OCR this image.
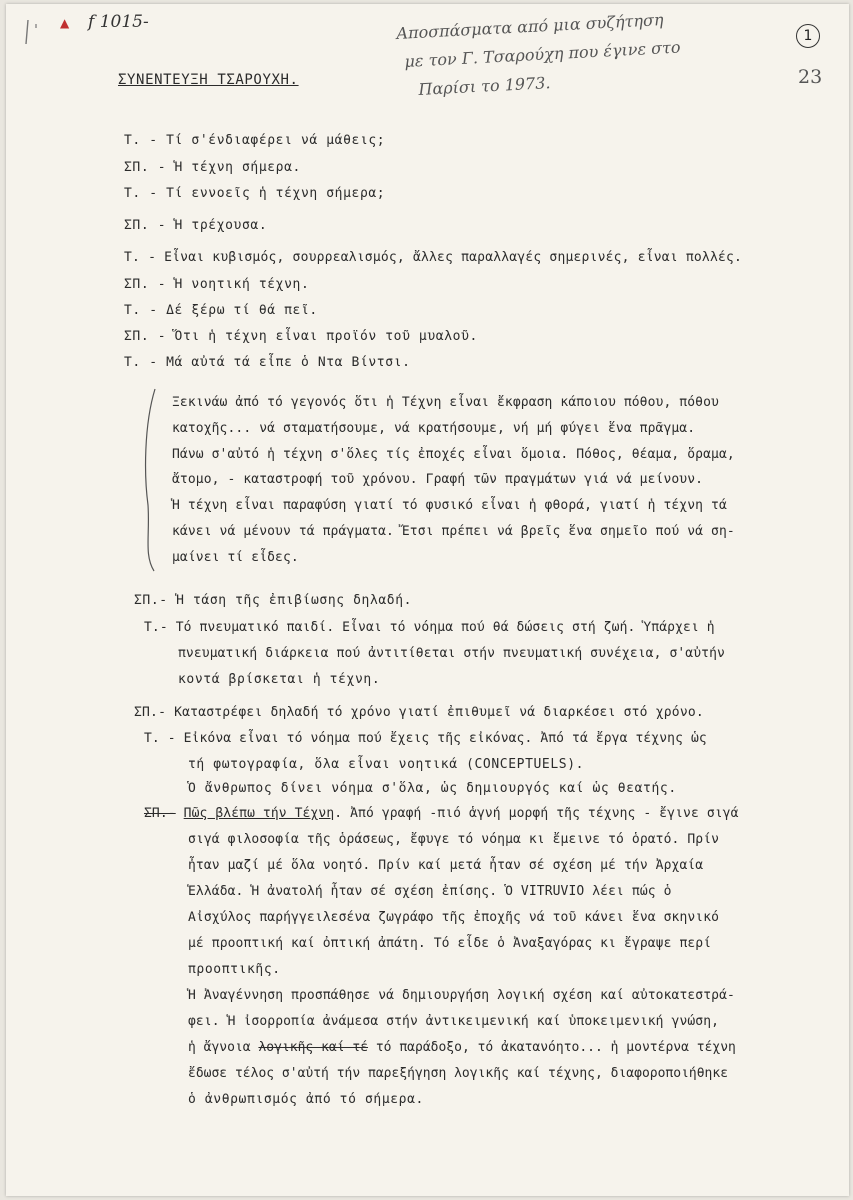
▲ f 1015-
1
23
Αποσπάσματα από μια συζήτηση
με τον Γ. Τσαρούχη που έγινε στο
Παρίσι το 1973.
ΣΥΝΕΝΤΕΥΞΗ ΤΣΑΡΟΥΧΗ.
Τ. - Τί σ'ένδιαφέρει νά μάθεις;
ΣΠ. - Ἡ τέχνη σήμερα.
Τ. - Τί εννοεῖς ἡ τέχνη σήμερα;
ΣΠ. - Ἡ τρέχουσα.
Τ. - Εἶναι κυβισμός, σουρρεαλισμός, ἄλλες παραλλαγές σημερινές, εἶναι πολλές.
ΣΠ. - Ἡ νοητική τέχνη.
Τ. - Δέ ξέρω τί θά πεῖ.
ΣΠ. - Ὅτι ἡ τέχνη εἶναι προϊόν τοῦ μυαλοῦ.
Τ. - Μά αὐτά τά εἶπε ὁ Ντα Βίντσι.
Ξεκινάω ἀπό τό γεγονός ὅτι ἡ Τέχνη εἶναι ἔκφραση κάποιου πόθου, πόθου
κατοχῆς... νά σταματήσουμε, νά κρατήσουμε, νή μή φύγει ἕνα πρᾶγμα.
Πάνω σ'αὐτό ἡ τέχνη σ'ὅλες τίς ἐποχές εἶναι ὅμοια. Πόθος, θέαμα, ὅραμα,
ἄτομο, - καταστροφή τοῦ χρόνου. Γραφή τῶν πραγμάτων γιά νά μείνουν.
Ἡ τέχνη εἶναι παραφύση γιατί τό φυσικό εἶναι ἡ φθορά, γιατί ἡ τέχνη τά
κάνει νά μένουν τά πράγματα. Ἔτσι πρέπει νά βρεῖς ἕνα σημεῖο πού νά ση-
μαίνει τί εἶδες.
ΣΠ.- Ἡ τάση τῆς ἐπιβίωσης δηλαδή.
Τ.- Τό πνευματικό παιδί. Εἶναι τό νόημα πού θά δώσεις στή ζωή. Ὑπάρχει ἡ
πνευματική διάρκεια πού ἀντιτίθεται στήν πνευματική συνέχεια, σ'αὐτήν
κοντά βρίσκεται ἡ τέχνη.
ΣΠ.- Καταστρέφει δηλαδή τό χρόνο γιατί ἐπιθυμεῖ νά διαρκέσει στό χρόνο.
Τ. - Εἰκόνα εἶναι τό νόημα πού ἔχεις τῆς εἰκόνας. Ἀπό τά ἔργα τέχνης ὡς
τή φωτογραφία, ὅλα εἶναι νοητικά (CONCEPTUELS).
Ὁ ἄνθρωπος δίνει νόημα σ'ὅλα, ὡς δημιουργός καί ὡς θεατής.
ΣΠ.- Πῶς βλέπω τήν Τέχνη. Ἀπό γραφή -πιό ἁγνή μορφή τῆς τέχνης - ἔγινε σιγά
σιγά φιλοσοφία τῆς ὁράσεως, ἔφυγε τό νόημα κι ἔμεινε τό ὁρατό. Πρίν
ἦταν μαζί μέ ὅλα νοητό. Πρίν καί μετά ἦταν σέ σχέση μέ τήν Ἀρχαία
Ἑλλάδα. Ἡ ἀνατολή ἦταν σέ σχέση ἐπίσης. Ὁ VITRUVIO λέει πώς ὁ
Αἰσχύλος παρήγγειλεσένα ζωγράφο τῆς ἐποχῆς νά τοῦ κάνει ἕνα σκηνικό
μέ προοπτική καί ὀπτική ἀπάτη. Τό εἶδε ὁ Ἀναξαγόρας κι ἔγραψε περί
προοπτικῆς.
Ἡ Ἀναγέννηση προσπάθησε νά δημιουργήση λογική σχέση καί αὐτοκατεστρά-
φει. Ἡ ἰσορροπία ἀνάμεσα στήν ἀντικειμενική καί ὑποκειμενική γνώση,
ἡ ἄγνοια λογικῆς καί τέ τό παράδοξο, τό ἀκατανόητο... ἡ μοντέρνα τέχνη
ἔδωσε τέλος σ'αὐτή τήν παρεξήγηση λογικῆς καί τέχνης, διαφοροποιήθηκε
ὁ ἀνθρωπισμός ἀπό τό σήμερα.
